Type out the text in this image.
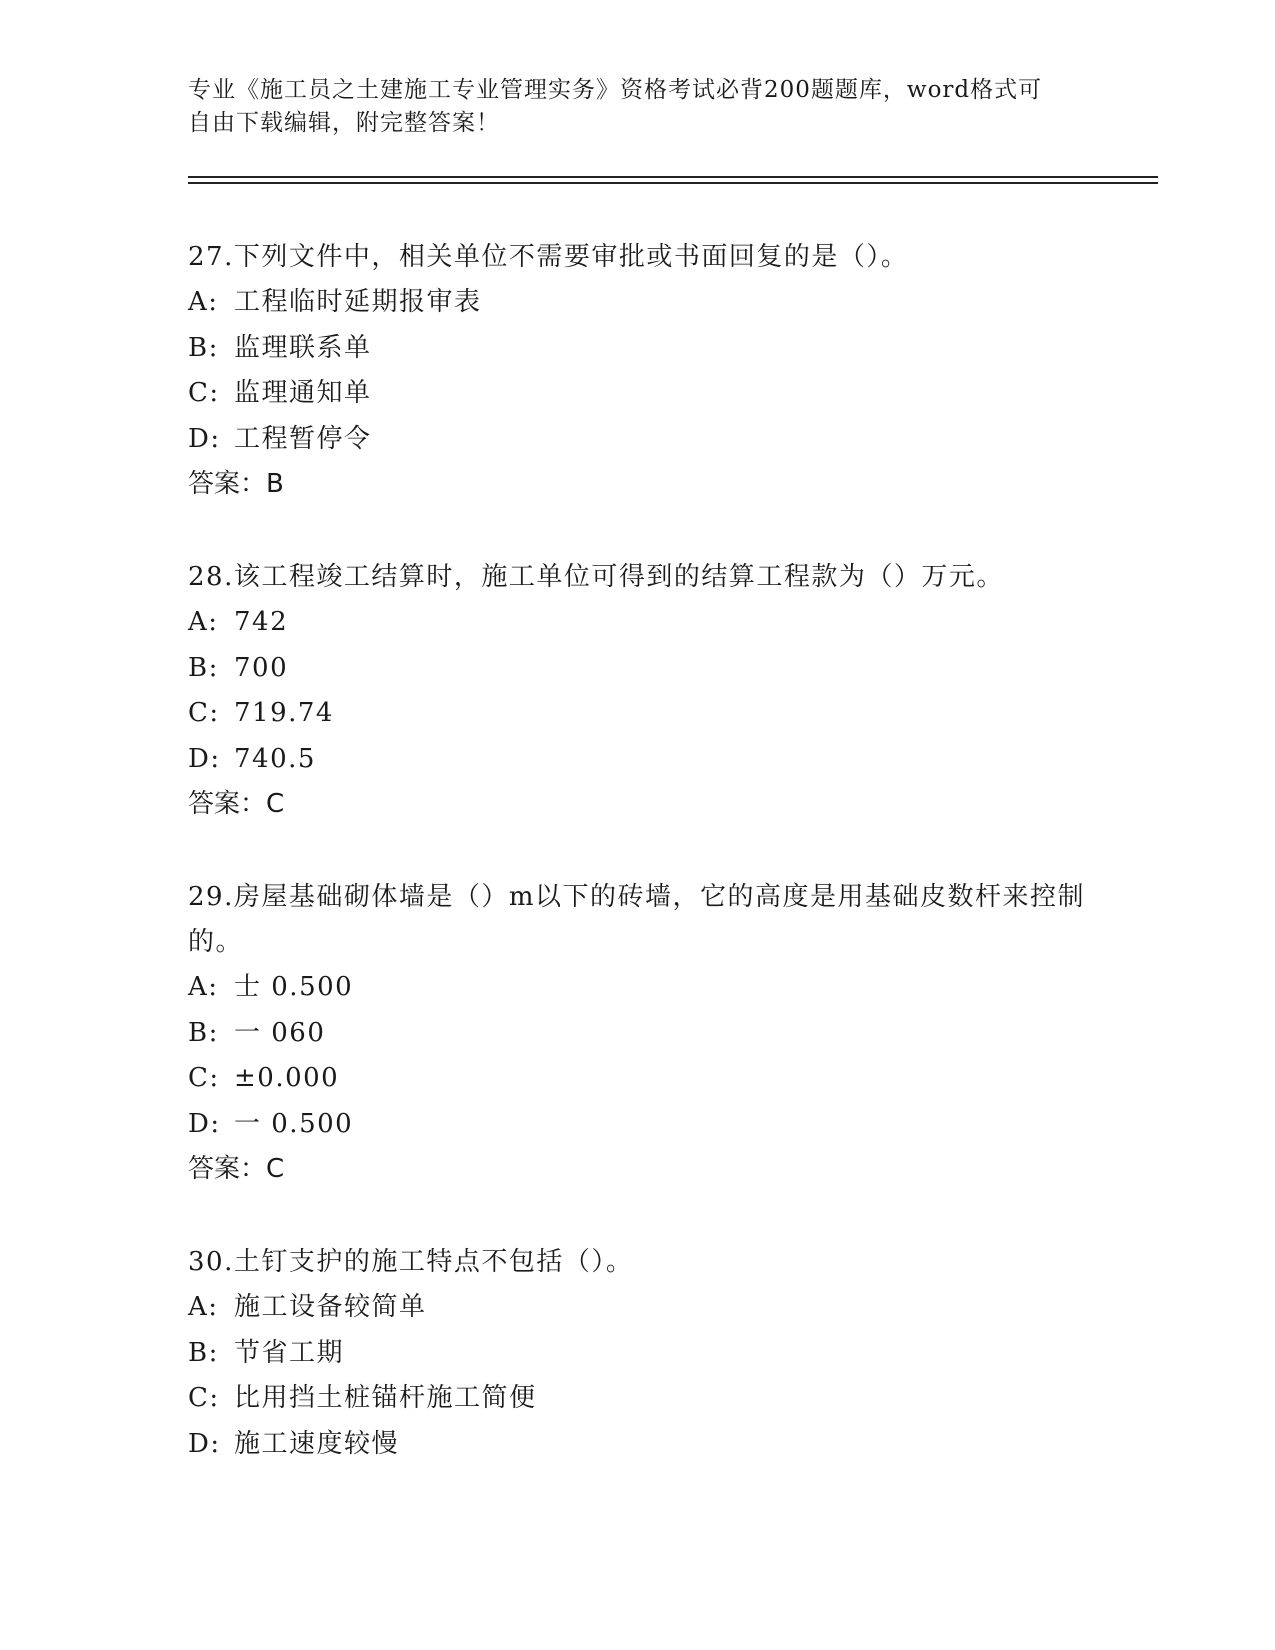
专业《施工员之土建施工专业管理实务》资格考试必背200题题库，word格式可
自由下载编辑，附完整答案！

27.下列文件中，相关单位不需要审批或书面回复的是（）。

A: 工程临时延期报审表

B: 监理联系单

C: 监理通知单

D: 工程暂停令

答案：B

28.该工程竣工结算时，施工单位可得到的结算工程款为（）万元。

A: 742

B: 700

C: 719.74

D: 740.5

答案：C

29.房屋基础砌体墙是（）m以下的砖墙，它的高度是用基础皮数杆来控制的。

A: 士 0.500

B: 一 060

C: ±0.000

D: 一 0.500

答案：C

30.土钉支护的施工特点不包括（）。

A: 施工设备较简单

B: 节省工期

C: 比用挡土桩锚杆施工简便

D: 施工速度较慢
